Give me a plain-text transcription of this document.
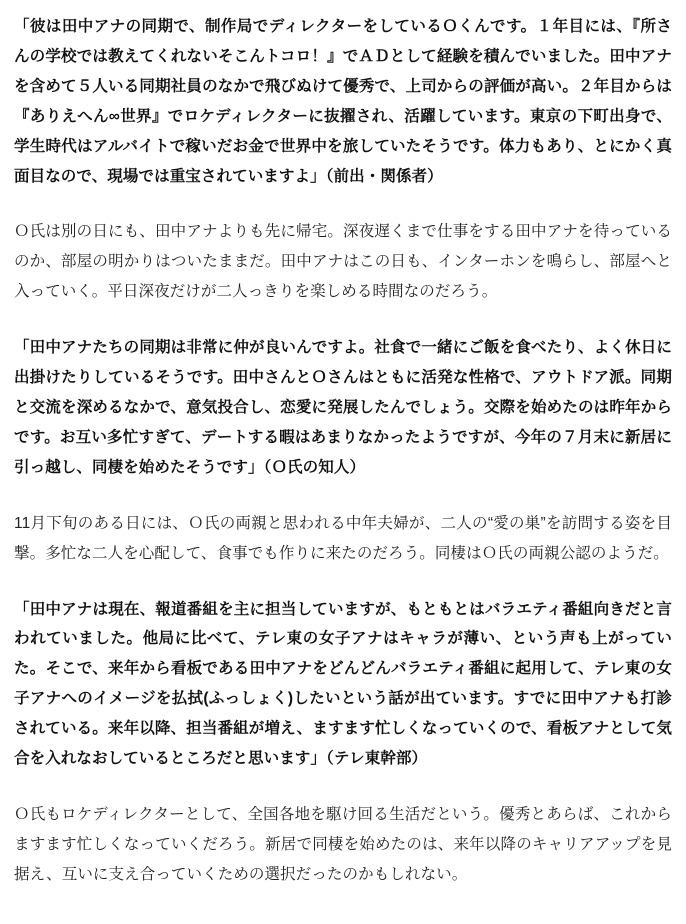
「彼は田中アナの同期で、制作局でディレクターをしているＯくんです。１年目には、『所さんの学校では教えてくれないそこんトコロ！』でＡＤとして経験を積んでいました。田中アナを含めて５人いる同期社員のなかで飛びぬけて優秀で、上司からの評価が高い。２年目からは『ありえへん∞世界』でロケディレクターに抜擢され、活躍しています。東京の下町出身で、学生時代はアルバイトで稼いだお金で世界中を旅していたそうです。体力もあり、とにかく真面目なので、現場では重宝されていますよ」（前出・関係者）

Ｏ氏は別の日にも、田中アナよりも先に帰宅。深夜遅くまで仕事をする田中アナを待っているのか、部屋の明かりはついたままだ。田中アナはこの日も、インターホンを鳴らし、部屋へと入っていく。平日深夜だけが二人っきりを楽しめる時間なのだろう。

「田中アナたちの同期は非常に仲が良いんですよ。社食で一緒にご飯を食べたり、よく休日に出掛けたりしているそうです。田中さんとＯさんはともに活発な性格で、アウトドア派。同期と交流を深めるなかで、意気投合し、恋愛に発展したんでしょう。交際を始めたのは昨年からです。お互い多忙すぎて、デートする暇はあまりなかったようですが、今年の７月末に新居に引っ越し、同棲を始めたそうです」（Ｏ氏の知人）

11月下旬のある日には、Ｏ氏の両親と思われる中年夫婦が、二人の“愛の巣”を訪問する姿を目撃。多忙な二人を心配して、食事でも作りに来たのだろう。同棲はＯ氏の両親公認のようだ。

「田中アナは現在、報道番組を主に担当していますが、もともとはバラエティ番組向きだと言われていました。他局に比べて、テレ東の女子アナはキャラが薄い、という声も上がっていた。そこで、来年から看板である田中アナをどんどんバラエティ番組に起用して、テレ東の女子アナへのイメージを払拭(ふっしょく)したいという話が出ています。すでに田中アナも打診されている。来年以降、担当番組が増え、ますます忙しくなっていくので、看板アナとして気合を入れなおしているところだと思います」（テレ東幹部）

Ｏ氏もロケディレクターとして、全国各地を駆け回る生活だという。優秀とあらば、これからますます忙しくなっていくだろう。新居で同棲を始めたのは、来年以降のキャリアアップを見据え、互いに支え合っていくための選択だったのかもしれない。
